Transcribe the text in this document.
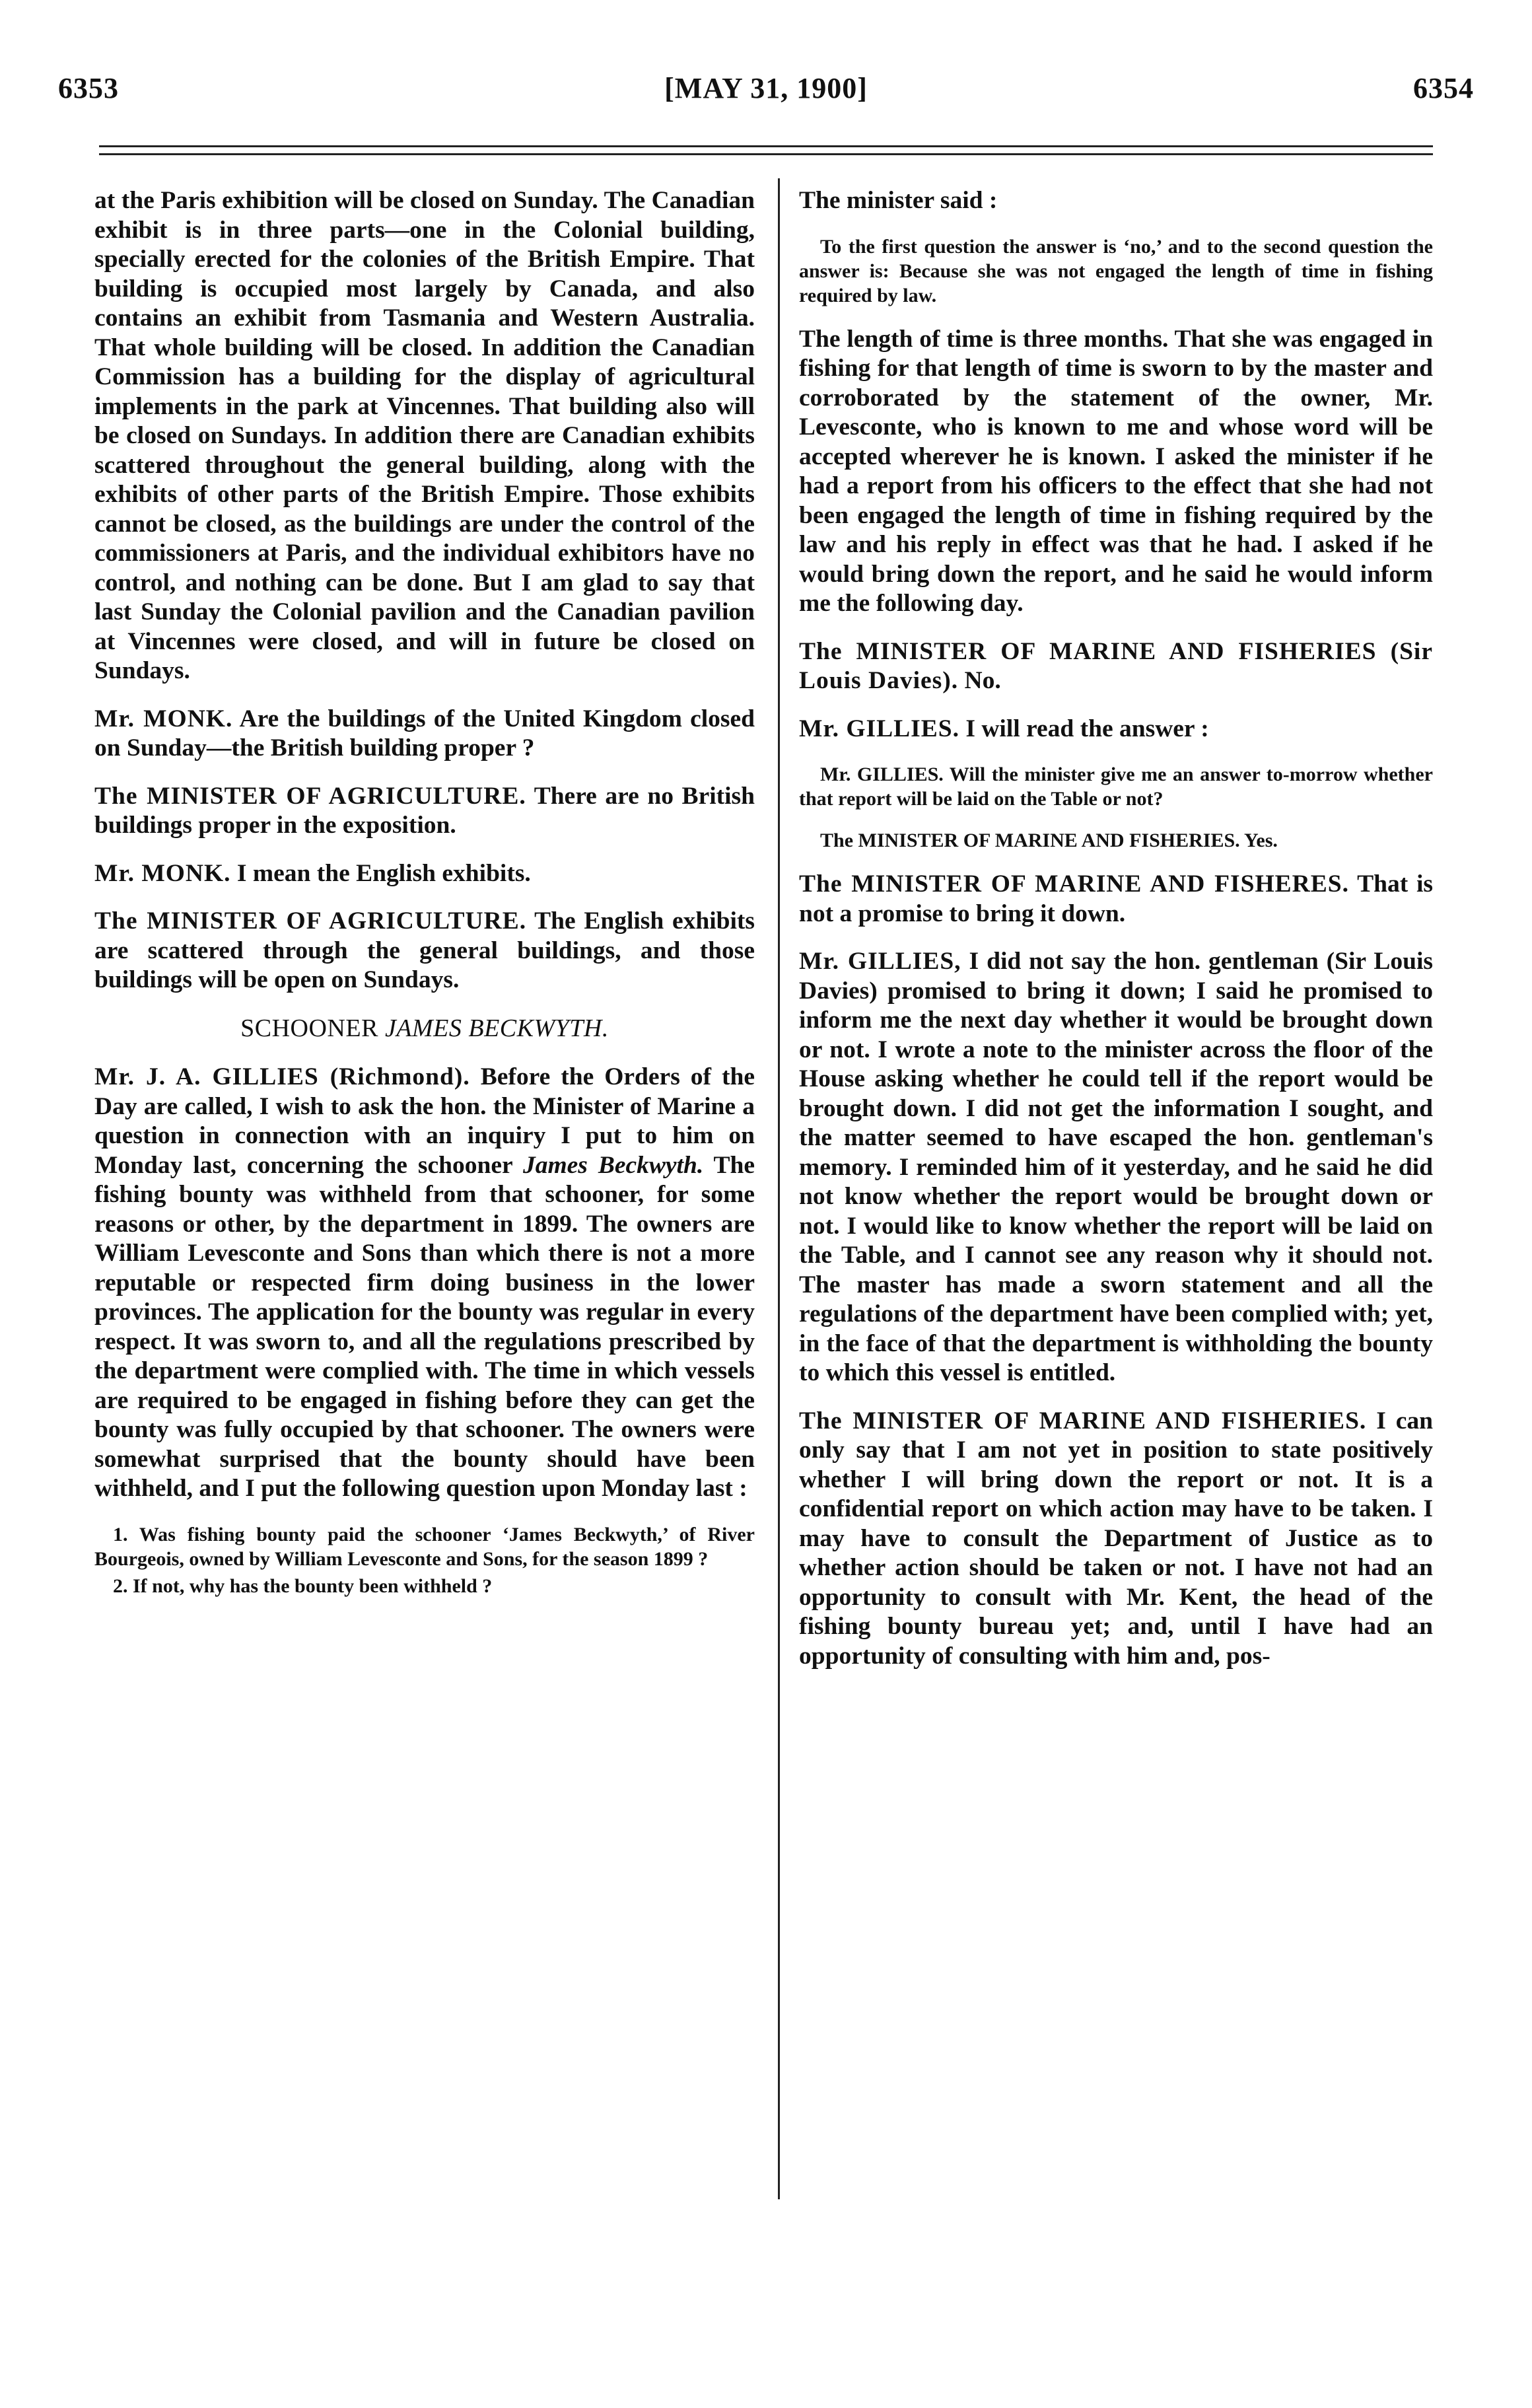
6353	[MAY 31, 1900]	6354

at the Paris exhibition will be closed on Sunday. The Canadian exhibit is in three parts—one in the Colonial building, specially erected for the colonies of the British Empire. That building is occupied most largely by Canada, and also contains an exhibit from Tasmania and Western Australia. That whole building will be closed. In addition the Canadian Commission has a building for the display of agricultural implements in the park at Vincennes. That building also will be closed on Sundays. In addition there are Canadian exhibits scattered throughout the general building, along with the exhibits of other parts of the British Empire. Those exhibits cannot be closed, as the buildings are under the control of the commissioners at Paris, and the individual exhibitors have no control, and nothing can be done. But I am glad to say that last Sunday the Colonial pavilion and the Canadian pavilion at Vincennes were closed, and will in future be closed on Sundays.

Mr. MONK. Are the buildings of the United Kingdom closed on Sunday—the British building proper ?

The MINISTER OF AGRICULTURE. There are no British buildings proper in the exposition.

Mr. MONK. I mean the English exhibits.

The MINISTER OF AGRICULTURE. The English exhibits are scattered through the general buildings, and those buildings will be open on Sundays.

SCHOONER JAMES BECKWYTH.

Mr. J. A. GILLIES (Richmond). Before the Orders of the Day are called, I wish to ask the hon. the Minister of Marine a question in connection with an inquiry I put to him on Monday last, concerning the schooner James Beckwyth. The fishing bounty was withheld from that schooner, for some reasons or other, by the department in 1899. The owners are William Levesconte and Sons than which there is not a more reputable or respected firm doing business in the lower provinces. The application for the bounty was regular in every respect. It was sworn to, and all the regulations prescribed by the department were complied with. The time in which vessels are required to be engaged in fishing before they can get the bounty was fully occupied by that schooner. The owners were somewhat surprised that the bounty should have been withheld, and I put the following question upon Monday last :

1. Was fishing bounty paid the schooner ‘James Beckwyth,’ of River Bourgeois, owned by William Levesconte and Sons, for the season 1899 ?

2. If not, why has the bounty been withheld ?

The minister said :

To the first question the answer is ‘no,’ and to the second question the answer is: Because she was not engaged the length of time in fishing required by law.

The length of time is three months. That she was engaged in fishing for that length of time is sworn to by the master and corroborated by the statement of the owner, Mr. Levesconte, who is known to me and whose word will be accepted wherever he is known. I asked the minister if he had a report from his officers to the effect that she had not been engaged the length of time in fishing required by the law and his reply in effect was that he had. I asked if he would bring down the report, and he said he would inform me the following day.

The MINISTER OF MARINE AND FISHERIES (Sir Louis Davies). No.

Mr. GILLIES. I will read the answer :

Mr. GILLIES. Will the minister give me an answer to-morrow whether that report will be laid on the Table or not?

The MINISTER OF MARINE AND FISHERIES. Yes.

The MINISTER OF MARINE AND FISHERES. That is not a promise to bring it down.

Mr. GILLIES, I did not say the hon. gentleman (Sir Louis Davies) promised to bring it down; I said he promised to inform me the next day whether it would be brought down or not. I wrote a note to the minister across the floor of the House asking whether he could tell if the report would be brought down. I did not get the information I sought, and the matter seemed to have escaped the hon. gentleman's memory. I reminded him of it yesterday, and he said he did not know whether the report would be brought down or not. I would like to know whether the report will be laid on the Table, and I cannot see any reason why it should not. The master has made a sworn statement and all the regulations of the department have been complied with; yet, in the face of that the department is withholding the bounty to which this vessel is entitled.

The MINISTER OF MARINE AND FISHERIES. I can only say that I am not yet in position to state positively whether I will bring down the report or not. It is a confidential report on which action may have to be taken. I may have to consult the Department of Justice as to whether action should be taken or not. I have not had an opportunity to consult with Mr. Kent, the head of the fishing bounty bureau yet; and, until I have had an opportunity of consulting with him and, pos-
